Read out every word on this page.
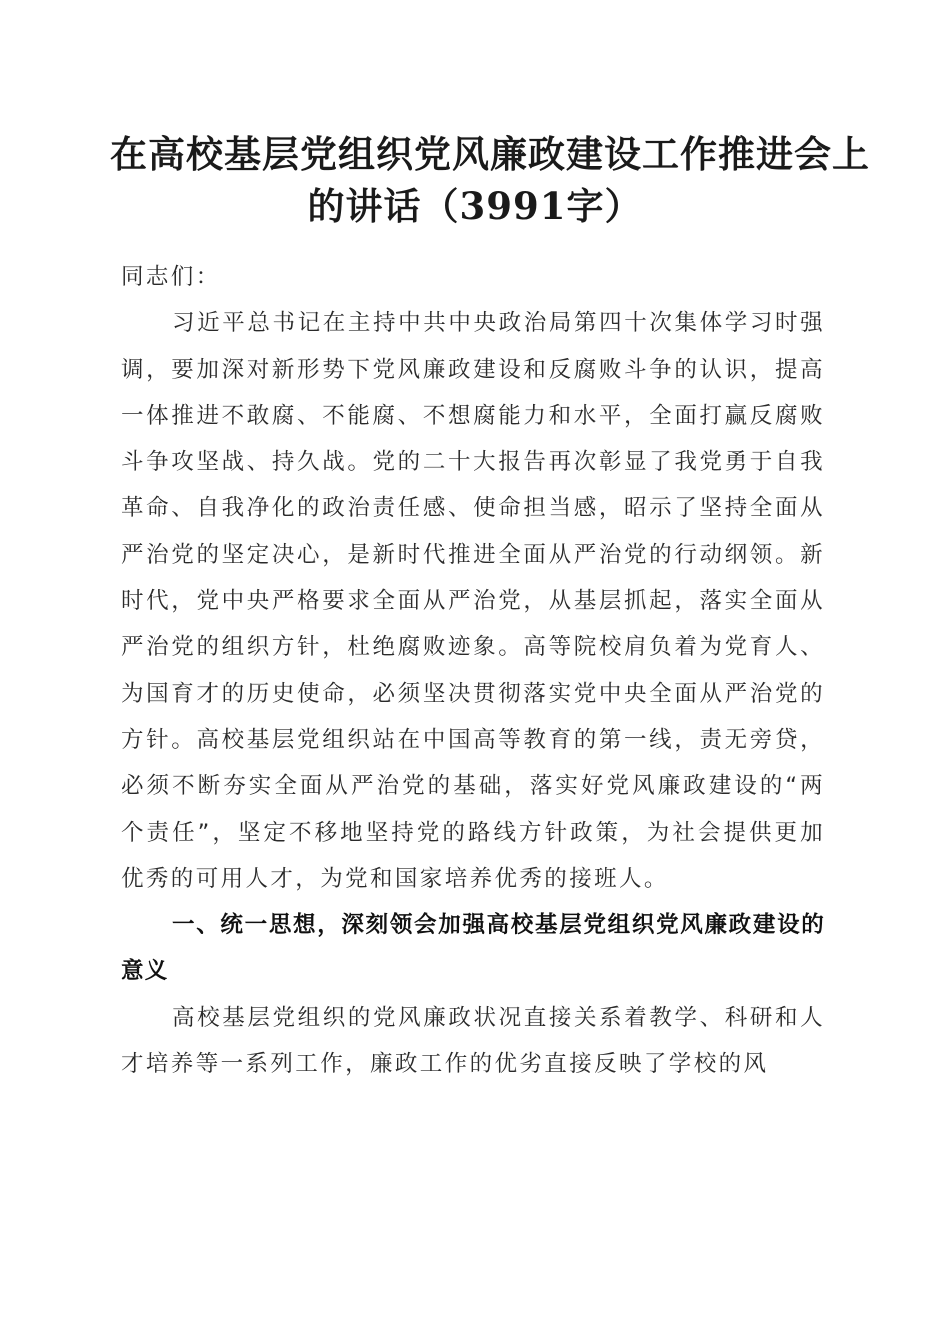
在高校基层党组织党风廉政建设工作推进会上
的讲话（3991字）

同志们：

习近平总书记在主持中共中央政治局第四十次集体学习时强调，要加深对新形势下党风廉政建设和反腐败斗争的认识，提高一体推进不敢腐、不能腐、不想腐能力和水平，全面打赢反腐败斗争攻坚战、持久战。党的二十大报告再次彰显了我党勇于自我革命、自我净化的政治责任感、使命担当感，昭示了坚持全面从严治党的坚定决心，是新时代推进全面从严治党的行动纲领。新时代，党中央严格要求全面从严治党，从基层抓起，落实全面从严治党的组织方针，杜绝腐败迹象。高等院校肩负着为党育人、为国育才的历史使命，必须坚决贯彻落实党中央全面从严治党的方针。高校基层党组织站在中国高等教育的第一线，责无旁贷，必须不断夯实全面从严治党的基础，落实好党风廉政建设的“两个责任”，坚定不移地坚持党的路线方针政策，为社会提供更加优秀的可用人才，为党和国家培养优秀的接班人。

一、统一思想，深刻领会加强高校基层党组织党风廉政建设的意义

高校基层党组织的党风廉政状况直接关系着教学、科研和人才培养等一系列工作，廉政工作的优劣直接反映了学校的风
